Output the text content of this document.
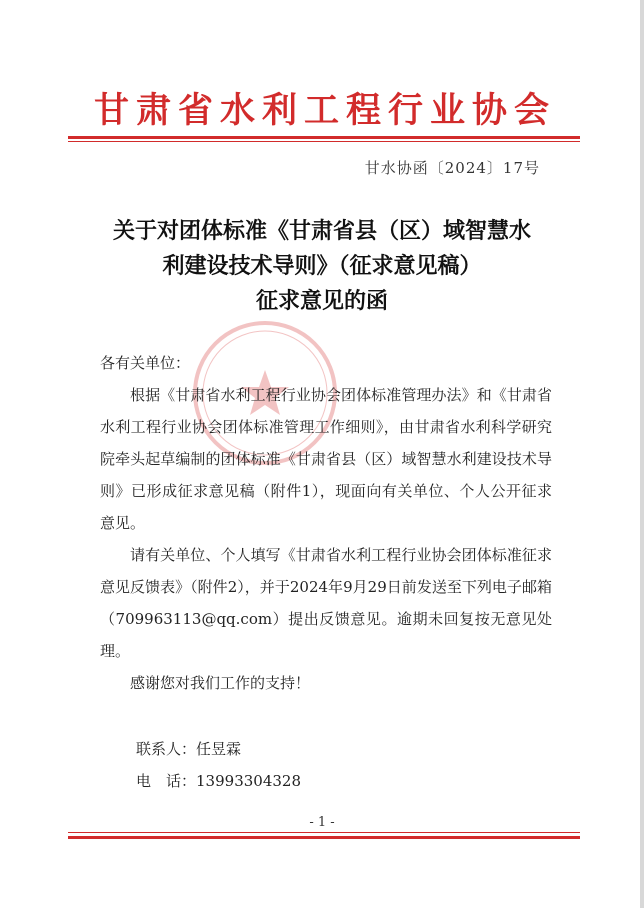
甘肃省水利工程行业协会
甘水协函〔2024〕17号
关于对团体标准《甘肃省县（区）域智慧水
利建设技术导则》（征求意见稿）
征求意见的函

各有关单位：

根据《甘肃省水利工程行业协会团体标准管理办法》和《甘肃省水利工程行业协会团体标准管理工作细则》，由甘肃省水利科学研究院牵头起草编制的团体标准《甘肃省县（区）域智慧水利建设技术导则》已形成征求意见稿（附件1），现面向有关单位、个人公开征求意见。

请有关单位、个人填写《甘肃省水利工程行业协会团体标准征求意见反馈表》（附件2），并于2024年9月29日前发送至下列电子邮箱（709963113@qq.com）提出反馈意见。逾期未回复按无意见处理。

感谢您对我们工作的支持！

联系人：任昱霖
电　话：13993304328
- 1 -
